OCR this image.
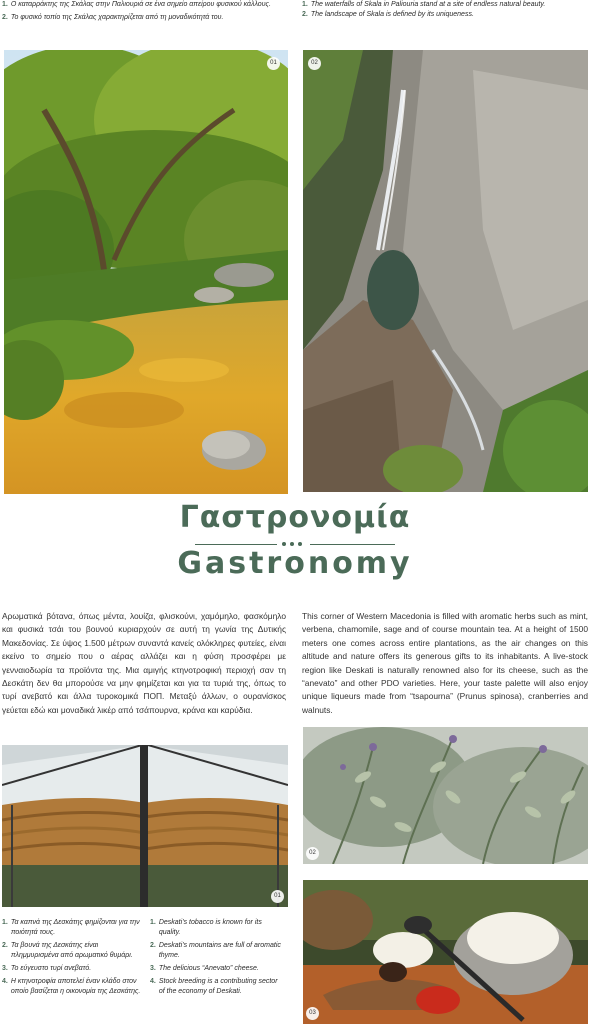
1. Ο καταρράκτης της Σκάλας στην Παλιουριά σε ένα σημείο απείρου φυσικού κάλλους.
2. Το φυσικό τοπίο της Σκάλας χαρακτηρίζεται από τη μοναδικότητά του.
1. The waterfalls of Skala in Paliouria stand at a site of endless natural beauty.
2. The landscape of Skala is defined by its uniqueness.
01	02
Γαστρονομία
Gastronomy
Αρωματικά βότανα, όπως μέντα, λουίζα, φλισκούνι, χαμόμηλο, φασκόμηλο και φυσικά τσάι του βουνού κυριαρχούν σε αυτή τη γωνία της Δυτικής Μακεδονίας. Σε ύψος 1.500 μέτρων συναντά κανείς ολόκληρες φυτείες, είναι εκείνο το σημείο που ο αέρας αλλάζει και η φύση προσφέρει με γενναιοδωρία τα προϊόντα της. Μια αμιγής κτηνοτροφική περιοχή σαν τη Δεσκάτη δεν θα μπορούσε να μην φημίζεται και για τα τυριά της, όπως το τυρί ανεβατό και άλλα τυροκομικά ΠΟΠ. Μεταξύ άλλων, ο ουρανίσκος γεύεται εδώ και μοναδικά λικέρ από τσάπουρνα, κράνα και καρύδια.
This corner of Western Macedonia is filled with aromatic herbs such as mint, verbena, chamomile, sage and of course mountain tea. At a height of 1500 meters one comes across entire plantations, as the air changes on this altitude and nature offers its generous gifts to its inhabitants. A live-stock region like Deskati is naturally renowned also for its cheese, such as the “anevato” and other PDO varieties. Here, your taste palette will also enjoy unique liqueurs made from “tsapourna” (Prunus spinosa), cranberries and walnuts.
01
02
03
1. Τα καπνά της Δεσκάτης φημίζονται για την ποιότητά τους.
2. Τα βουνά της Δεσκάτης είναι πλημμυρισμένα από αρωματικό θυμάρι.
3. Το εύγευστο τυρί ανεβατό.
4. Η κτηνοτροφία αποτελεί έναν κλάδο στον οποίο βασίζεται η οικονομία της Δεσκάτης.
1. Deskati’s tobacco is known for its quality.
2. Deskati’s mountains are full of aromatic thyme.
3. The delicious “Anevato” cheese.
4. Stock breeding is a contributing sector of the economy of Deskati.
